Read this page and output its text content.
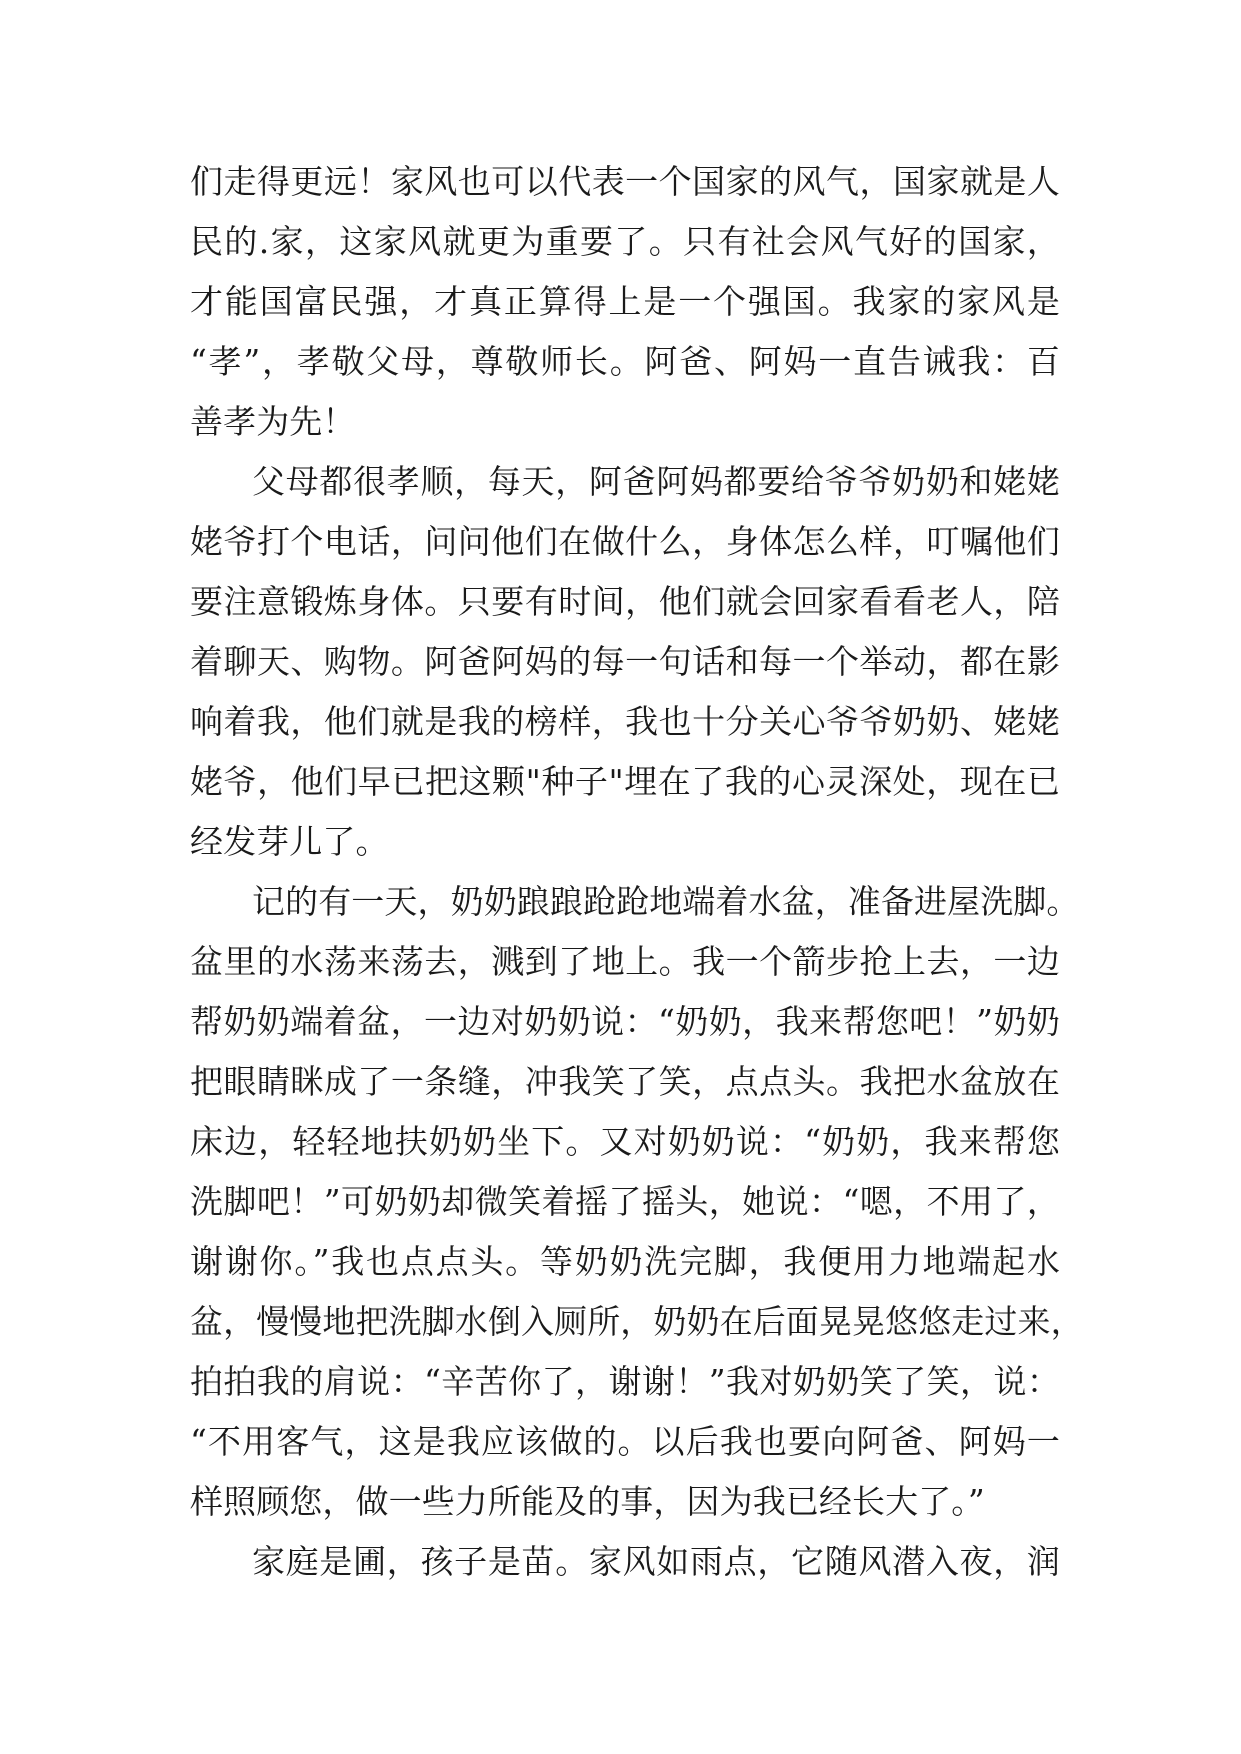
们走得更远！家风也可以代表一个国家的风气，国家就是人
民的.家，这家风就更为重要了。只有社会风气好的国家，
才能国富民强，才真正算得上是一个强国。我家的家风是
“孝”，孝敬父母，尊敬师长。阿爸、阿妈一直告诫我：百
善孝为先！
父母都很孝顺，每天，阿爸阿妈都要给爷爷奶奶和姥姥
姥爷打个电话，问问他们在做什么，身体怎么样，叮嘱他们
要注意锻炼身体。只要有时间，他们就会回家看看老人，陪
着聊天、购物。阿爸阿妈的每一句话和每一个举动，都在影
响着我，他们就是我的榜样，我也十分关心爷爷奶奶、姥姥
姥爷，他们早已把这颗"种子"埋在了我的心灵深处，现在已
经发芽儿了。
记的有一天，奶奶踉踉跄跄地端着水盆，准备进屋洗脚。
盆里的水荡来荡去，溅到了地上。我一个箭步抢上去，一边
帮奶奶端着盆，一边对奶奶说：“奶奶，我来帮您吧！”奶奶
把眼睛眯成了一条缝，冲我笑了笑，点点头。我把水盆放在
床边，轻轻地扶奶奶坐下。又对奶奶说：“奶奶，我来帮您
洗脚吧！”可奶奶却微笑着摇了摇头，她说：“嗯，不用了，
谢谢你。”我也点点头。等奶奶洗完脚，我便用力地端起水
盆，慢慢地把洗脚水倒入厕所，奶奶在后面晃晃悠悠走过来，
拍拍我的肩说：“辛苦你了，谢谢！”我对奶奶笑了笑，说：
“不用客气，这是我应该做的。以后我也要向阿爸、阿妈一
样照顾您，做一些力所能及的事，因为我已经长大了。”
家庭是圃，孩子是苗。家风如雨点，它随风潜入夜，润
